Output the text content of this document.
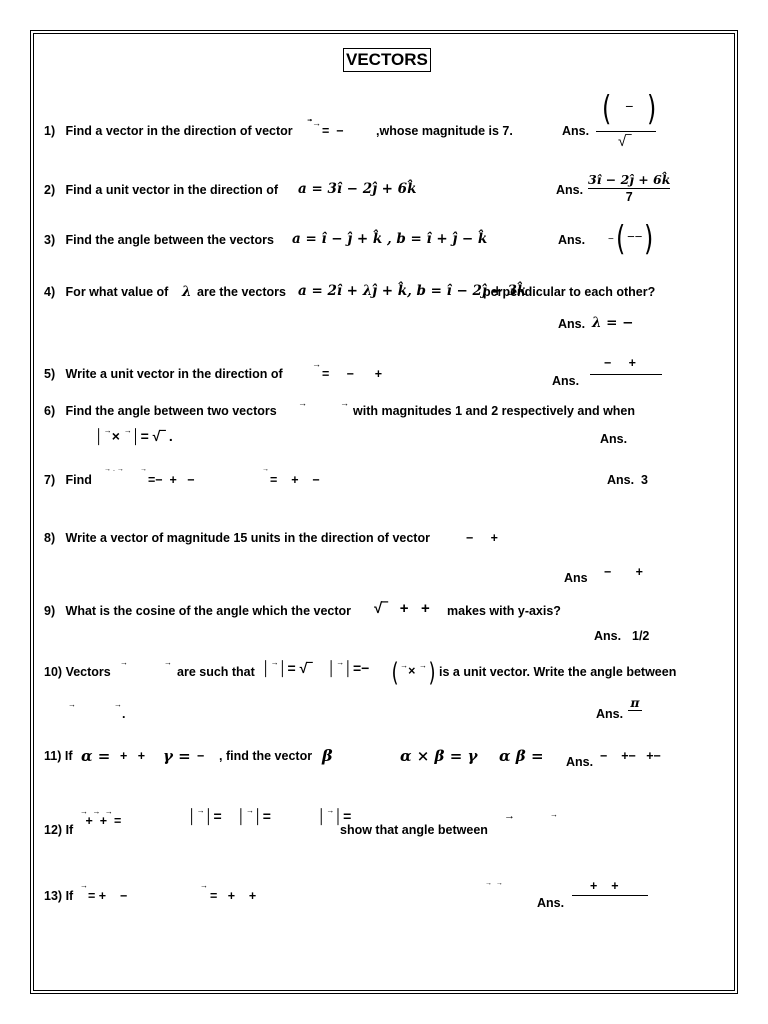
VECTORS
1) Find a vector in the direction of vector
⃗→
=  −	,whose magnitude is 7.	Ans.
( − )
√‾
2) Find a unit vector in the direction of a = 3î − 2ĵ + 6k̂	Ans.
3î − 2ĵ + 6k̂
7
3) Find the angle between the vectors a = î − ĵ + k̂ , b = î + ĵ − k̂	Ans. −( −−)
4) For what value of λ are the vectors a = 2î + λĵ + k̂, b = î − 2ĵ + 3k̂
perpendicular to each other?
Ans. λ = −
5) Write a unit vector in the direction of
→
=     −      +	Ans.
−     +
6) Find the angle between two vectors
→	→
with magnitudes 1 and 2 respectively and when
│→× →│= √‾ .	Ans.
7) Find
→ . → →
=−  +   −
→
=    +    −	Ans. 3
8) Write a vector of magnitude 15 units in the direction of vector	−     +
Ans −       +
9) What is the cosine of the angle which the vector √‾   +   + makes with y-axis?
Ans. 1/2
10) Vectors
→	→
are such that │→│= √‾    │→│=− ( →× →) is a unit vector. Write the angle between
→	→
.	Ans.
π
11) If α = +   + γ = − , find the vector β	α × β = γ α β = Ans. −    +−   +−
→  →  →
+  +  =	│→│=    │→│=            │→│=
12) If	show that angle between
→	→
13) If
→
= +    −
→
=   +    +
→  →
Ans.
+    +
